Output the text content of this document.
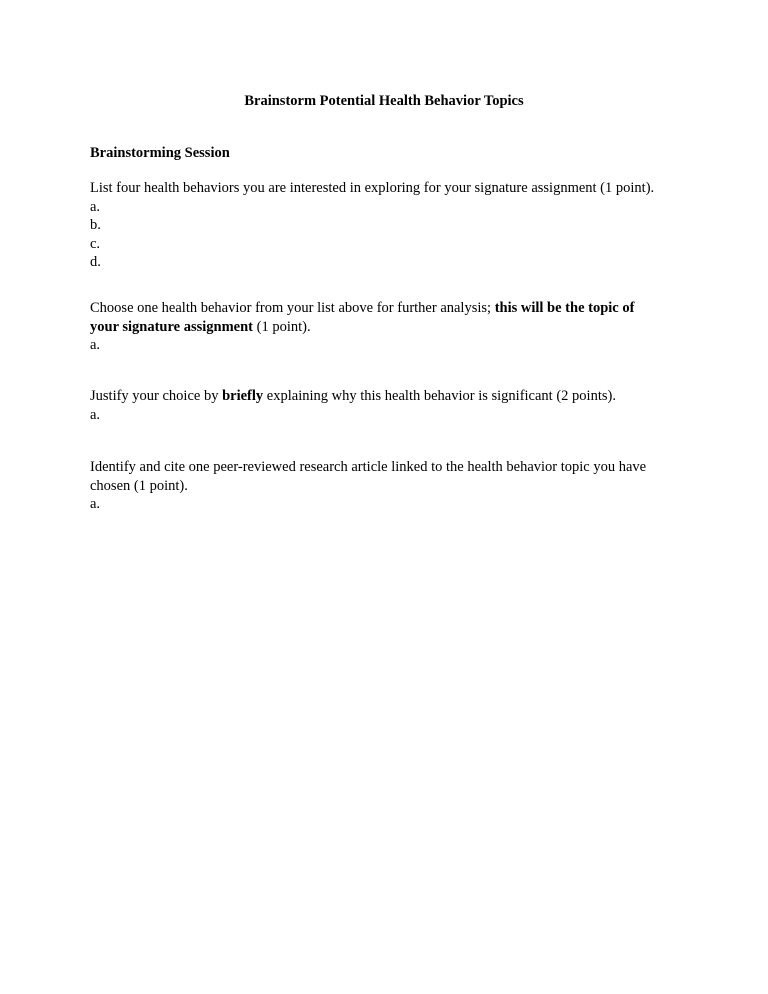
Brainstorm Potential Health Behavior Topics
Brainstorming Session
List four health behaviors you are interested in exploring for your signature assignment (1 point).
a.
b.
c.
d.
Choose one health behavior from your list above for further analysis; this will be the topic of
your signature assignment (1 point).
a.
Justify your choice by briefly explaining why this health behavior is significant (2 points).
a.
Identify and cite one peer-reviewed research article linked to the health behavior topic you have
chosen (1 point).
a.
